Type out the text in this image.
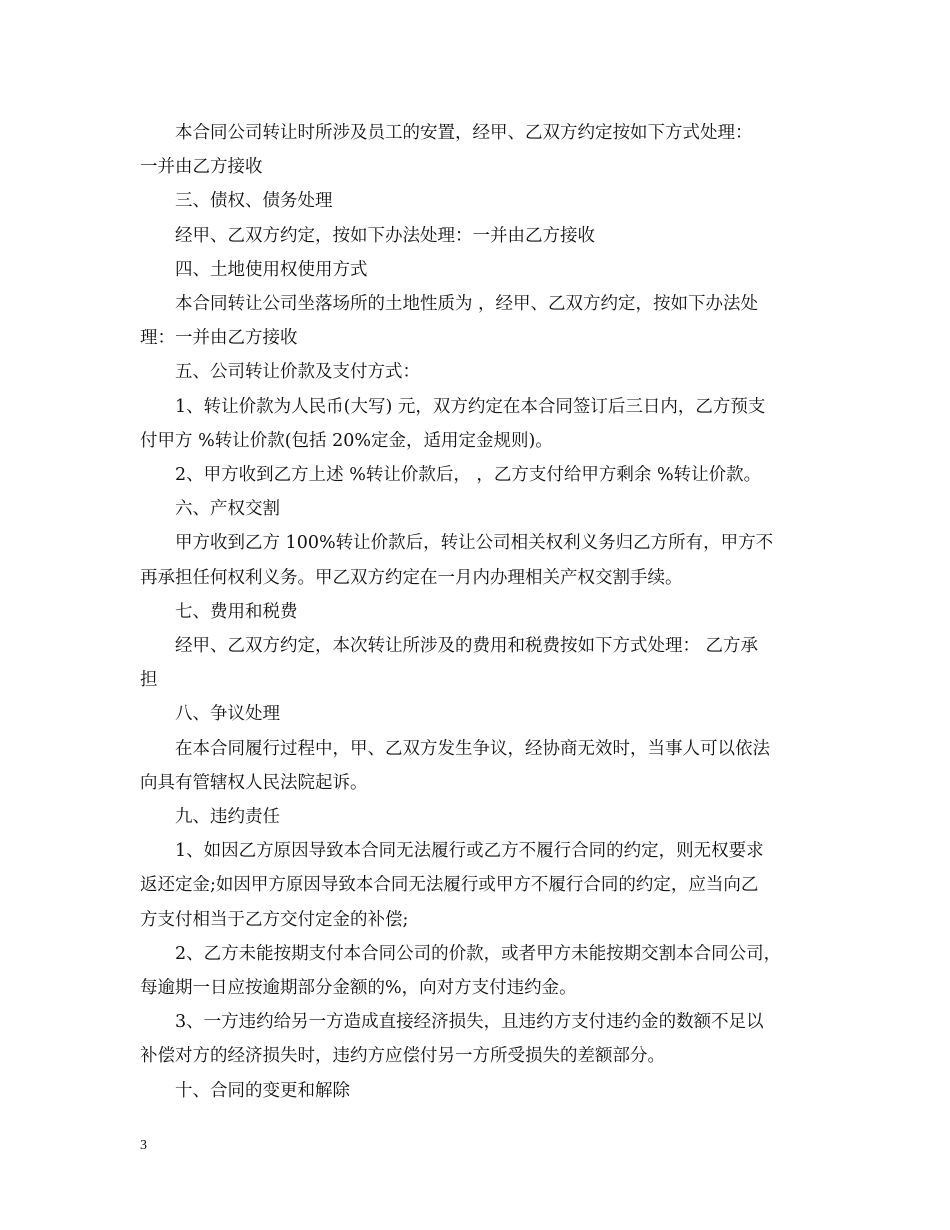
本合同公司转让时所涉及员工的安置，经甲、乙双方约定按如下方式处理：
一并由乙方接收

三、债权、债务处理

经甲、乙双方约定，按如下办法处理：一并由乙方接收

四、土地使用权使用方式

本合同转让公司坐落场所的土地性质为 ，经甲、乙双方约定，按如下办法处
理：一并由乙方接收

五、公司转让价款及支付方式：

1、转让价款为人民币(大写) 元，双方约定在本合同签订后三日内，乙方预支
付甲方 %转让价款(包括 20%定金，适用定金规则)。

2、甲方收到乙方上述 %转让价款后， ，乙方支付给甲方剩余 %转让价款。

六、产权交割

甲方收到乙方 100%转让价款后，转让公司相关权利义务归乙方所有，甲方不
再承担任何权利义务。甲乙双方约定在一月内办理相关产权交割手续。

七、费用和税费

经甲、乙双方约定，本次转让所涉及的费用和税费按如下方式处理： 乙方承
担

八、争议处理

在本合同履行过程中，甲、乙双方发生争议，经协商无效时，当事人可以依法
向具有管辖权人民法院起诉。

九、违约责任

1、如因乙方原因导致本合同无法履行或乙方不履行合同的约定，则无权要求
返还定金;如因甲方原因导致本合同无法履行或甲方不履行合同的约定，应当向乙
方支付相当于乙方交付定金的补偿;

2、乙方未能按期支付本合同公司的价款，或者甲方未能按期交割本合同公司，
每逾期一日应按逾期部分金额的%，向对方支付违约金。

3、一方违约给另一方造成直接经济损失，且违约方支付违约金的数额不足以
补偿对方的经济损失时，违约方应偿付另一方所受损失的差额部分。

十、合同的变更和解除

3
